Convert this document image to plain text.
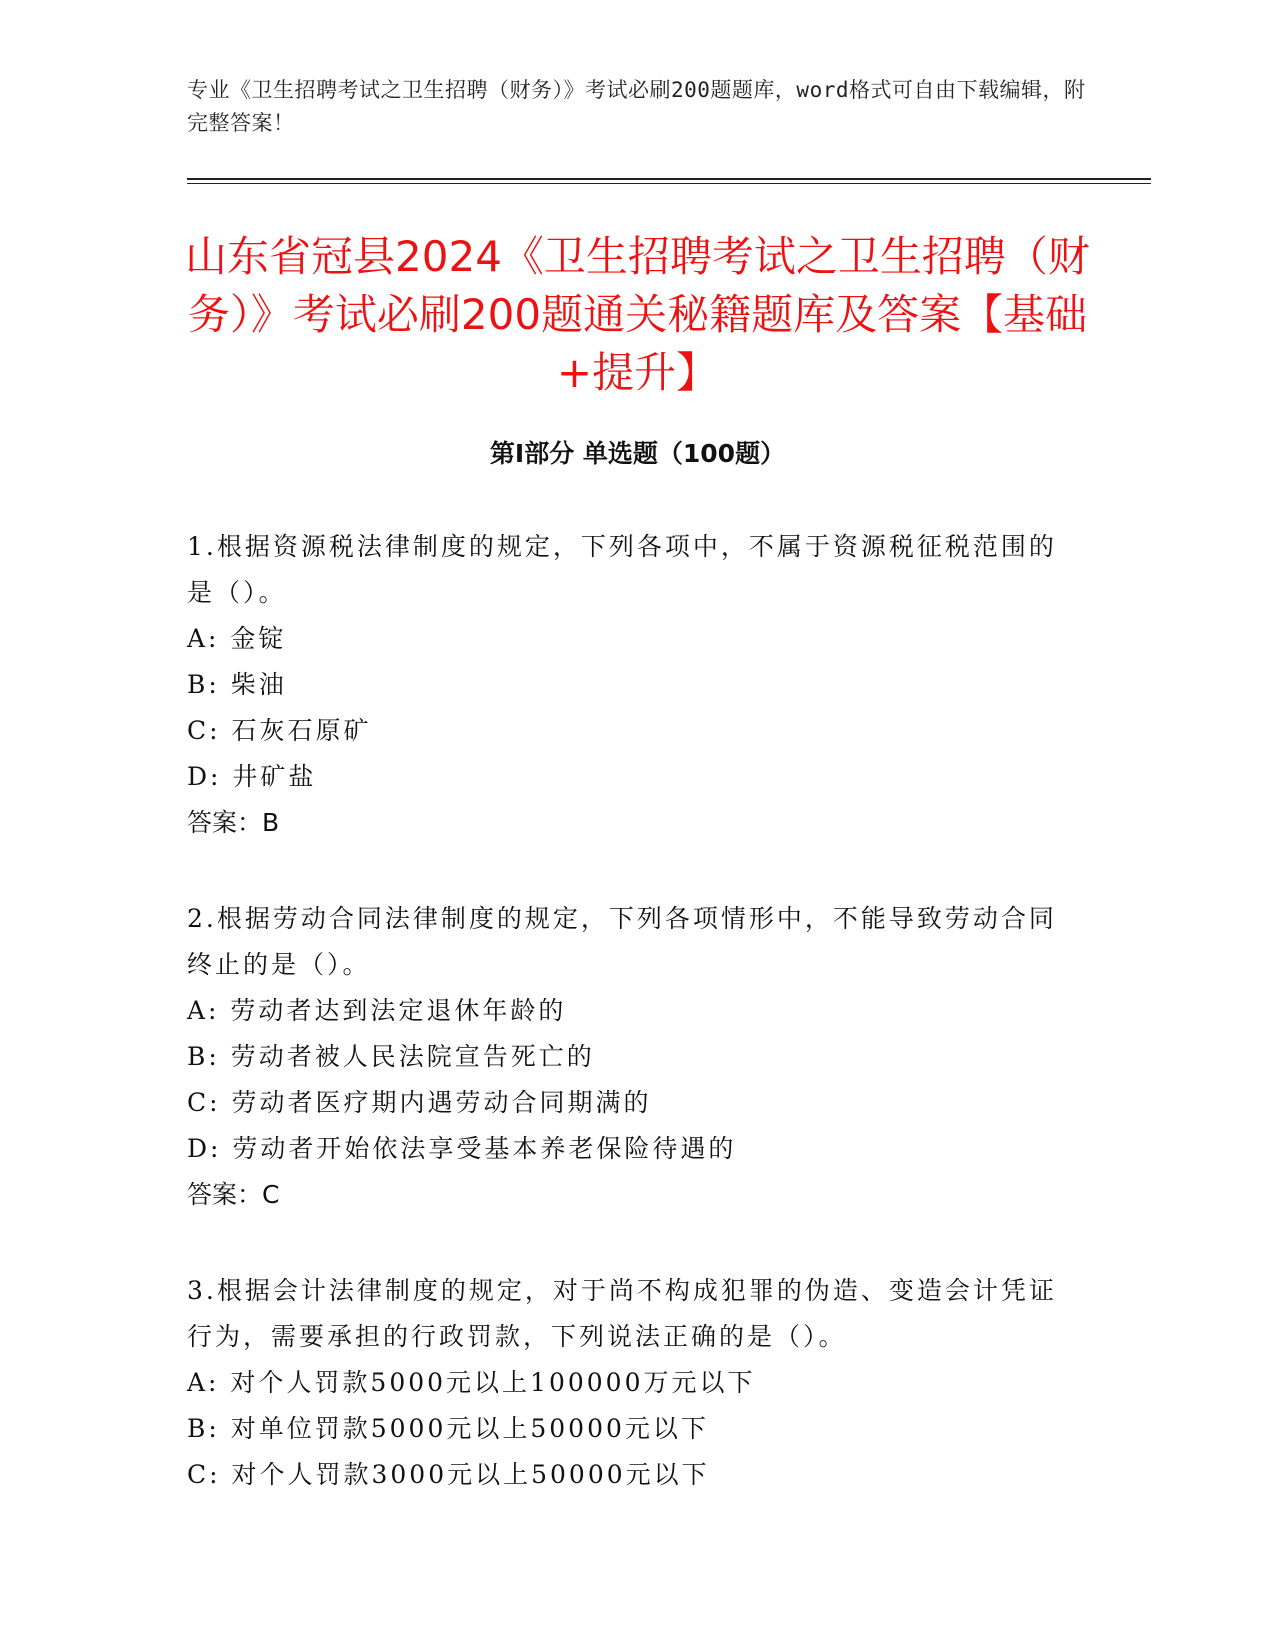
专业《卫生招聘考试之卫生招聘（财务）》考试必刷200题题库，word格式可自由下载编辑，附完整答案！
山东省冠县2024《卫生招聘考试之卫生招聘（财务）》考试必刷200题通关秘籍题库及答案【基础+提升】
第Ⅰ部分 单选题（100题）
1.根据资源税法律制度的规定，下列各项中，不属于资源税征税范围的是（）。
A: 金锭
B: 柴油
C: 石灰石原矿
D: 井矿盐
答案：B
2.根据劳动合同法律制度的规定，下列各项情形中，不能导致劳动合同终止的是（）。
A: 劳动者达到法定退休年龄的
B: 劳动者被人民法院宣告死亡的
C: 劳动者医疗期内遇劳动合同期满的
D: 劳动者开始依法享受基本养老保险待遇的
答案：C
3.根据会计法律制度的规定，对于尚不构成犯罪的伪造、变造会计凭证行为，需要承担的行政罚款，下列说法正确的是（）。
A: 对个人罚款5000元以上100000万元以下
B: 对单位罚款5000元以上50000元以下
C: 对个人罚款3000元以上50000元以下
